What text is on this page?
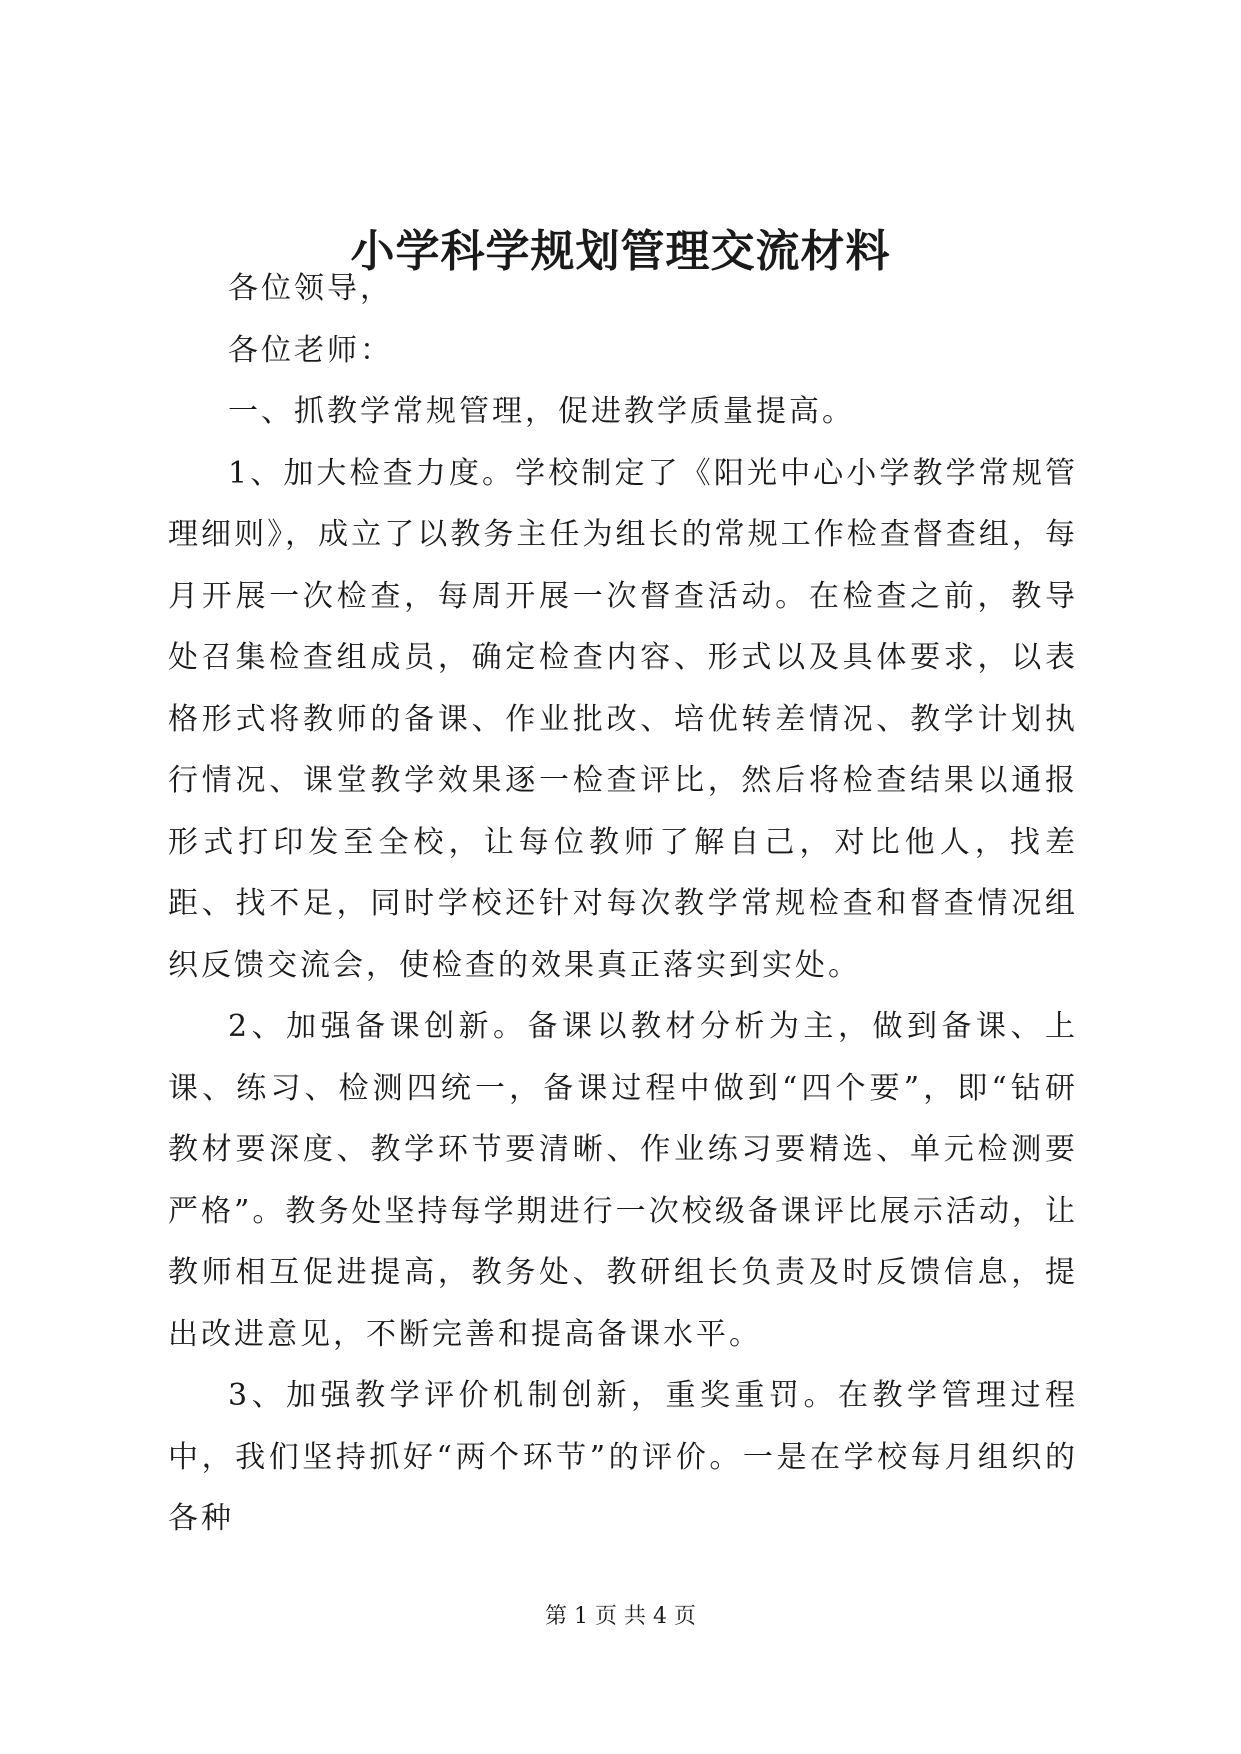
小学科学规划管理交流材料

各位领导，

各位老师：

一、抓教学常规管理，促进教学质量提高。

1、加大检查力度。学校制定了《阳光中心小学教学常规管理细则》，成立了以教务主任为组长的常规工作检查督查组，每月开展一次检查，每周开展一次督查活动。在检查之前，教导处召集检查组成员，确定检查内容、形式以及具体要求，以表格形式将教师的备课、作业批改、培优转差情况、教学计划执行情况、课堂教学效果逐一检查评比，然后将检查结果以通报形式打印发至全校，让每位教师了解自己，对比他人，找差距、找不足，同时学校还针对每次教学常规检查和督查情况组织反馈交流会，使检查的效果真正落实到实处。

2、加强备课创新。备课以教材分析为主，做到备课、上课、练习、检测四统一，备课过程中做到“四个要”，即“钻研教材要深度、教学环节要清晰、作业练习要精选、单元检测要严格”。教务处坚持每学期进行一次校级备课评比展示活动，让教师相互促进提高，教务处、教研组长负责及时反馈信息，提出改进意见，不断完善和提高备课水平。

3、加强教学评价机制创新，重奖重罚。在教学管理过程中，我们坚持抓好“两个环节”的评价。一是在学校每月组织的各种

第 1 页 共 4 页
